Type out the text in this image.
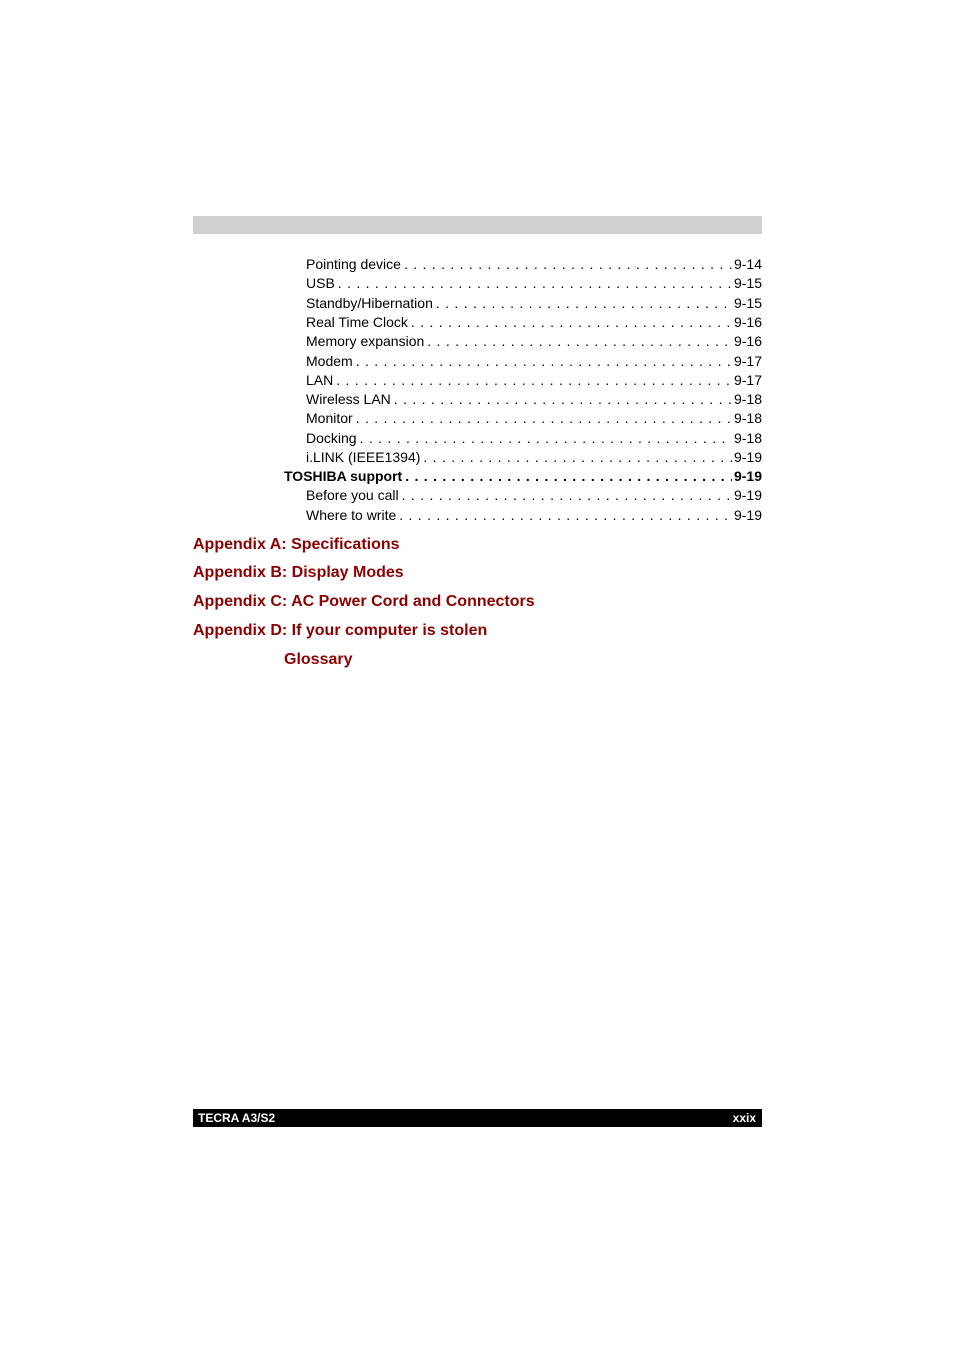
Pointing device . . .	9-14
USB . . .	9-15
Standby/Hibernation . . .	9-15
Real Time Clock . . .	9-16
Memory expansion . . .	9-16
Modem . . .	9-17
LAN . . .	9-17
Wireless LAN . . .	9-18
Monitor . . .	9-18
Docking . . .	9-18
i.LINK (IEEE1394) . . .	9-19
TOSHIBA support . . .	9-19
Before you call . . .	9-19
Where to write . . .	9-19
Appendix A: Specifications
Appendix B: Display Modes
Appendix C: AC Power Cord and Connectors
Appendix D: If your computer is stolen
Glossary
TECRA A3/S2	xxix
